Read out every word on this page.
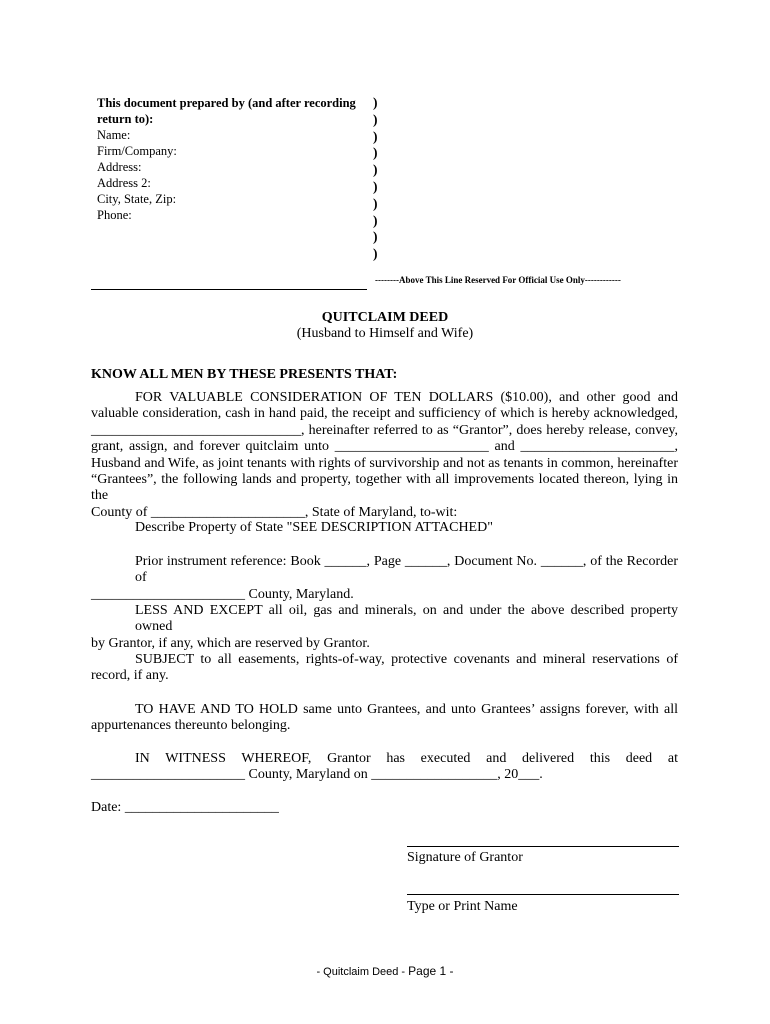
This document prepared by (and after recording
return to):
Name:
Firm/Company:
Address:
Address 2:
City, State, Zip:
Phone:
)
)
)
)
)
)
)
)
)
)
--------Above This Line Reserved For Official Use Only------------
QUITCLAIM DEED
(Husband to Himself and Wife)
KNOW ALL MEN BY THESE PRESENTS THAT:
FOR VALUABLE CONSIDERATION OF TEN DOLLARS ($10.00), and other good and
valuable consideration, cash in hand paid, the receipt and sufficiency of which is hereby acknowledged,
______________________________, hereinafter referred to as “Grantor”, does hereby release, convey,
grant, assign, and forever quitclaim unto ______________________ and ______________________,
Husband and Wife, as joint tenants with rights of survivorship and not as tenants in common, hereinafter
“Grantees”, the following lands and property, together with all improvements located thereon, lying in the
County of ______________________, State of Maryland, to-wit:
Describe Property of State "SEE DESCRIPTION ATTACHED"
Prior instrument reference: Book ______, Page ______, Document No. ______, of the Recorder of
______________________ County, Maryland.
LESS AND EXCEPT all oil, gas and minerals, on and under the above described property owned
by Grantor, if any, which are reserved by Grantor.
SUBJECT to all easements, rights-of-way, protective covenants and mineral reservations of
record, if any.
TO HAVE AND TO HOLD same unto Grantees, and unto Grantees’ assigns forever, with all
appurtenances thereunto belonging.
IN WITNESS WHEREOF, Grantor has executed and delivered this deed at
______________________ County, Maryland on __________________, 20___.
Date: ______________________
Signature of Grantor
Type or Print Name
- Quitclaim Deed - Page 1 -
